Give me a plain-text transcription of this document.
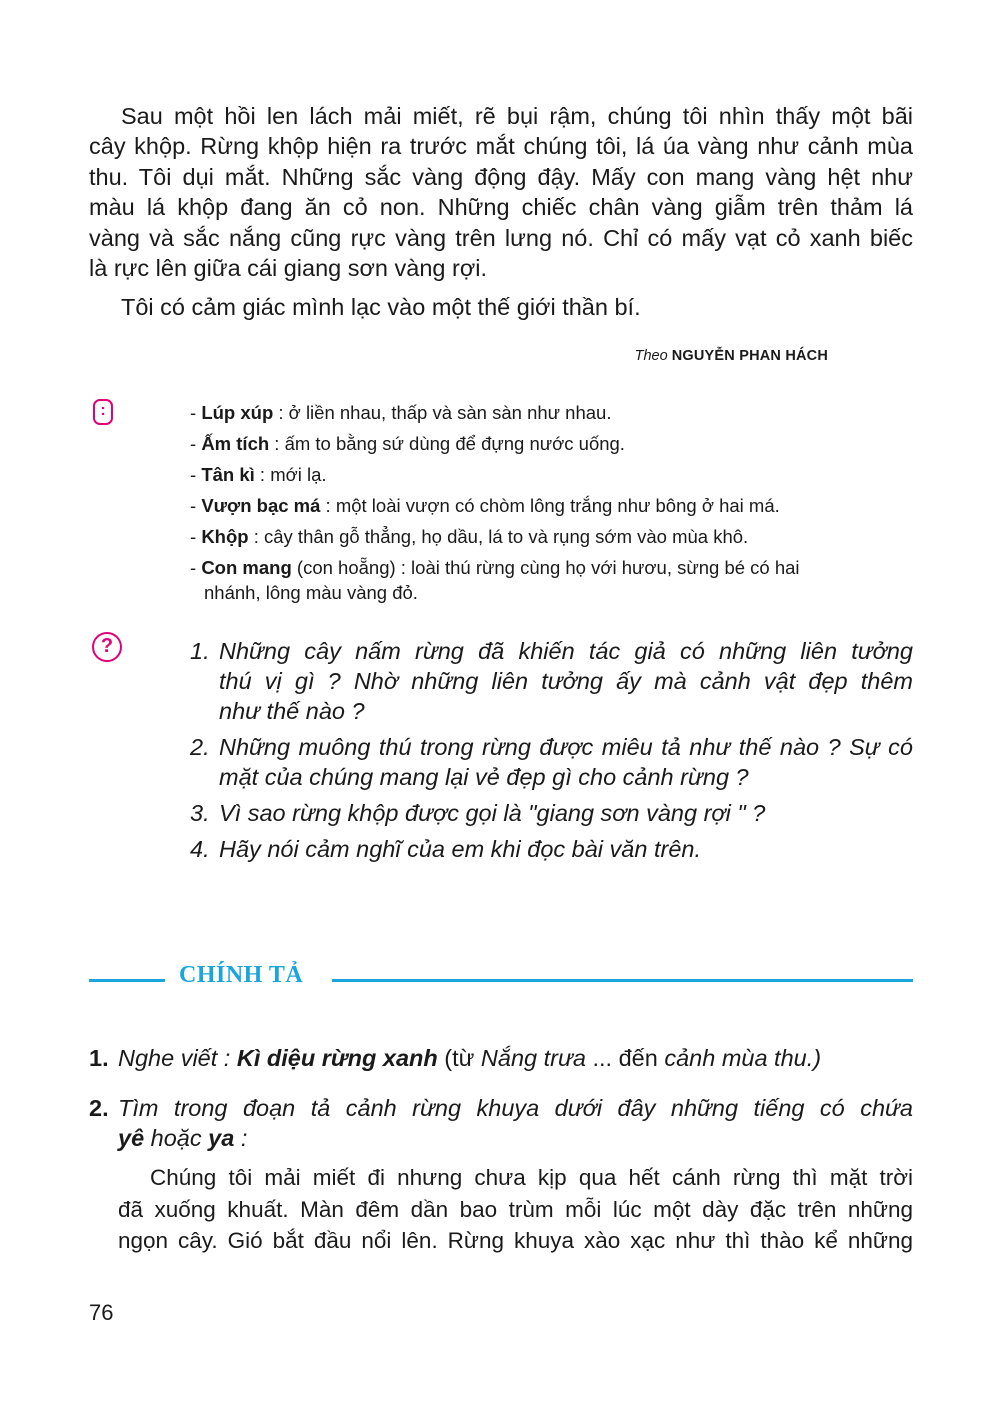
Sau một hồi len lách mải miết, rẽ bụi rậm, chúng tôi nhìn thấy một bãi
cây khộp. Rừng khộp hiện ra trước mắt chúng tôi, lá úa vàng như cảnh mùa
thu. Tôi dụi mắt. Những sắc vàng động đậy. Mấy con mang vàng hệt như
màu lá khộp đang ăn cỏ non. Những chiếc chân vàng giẫm trên thảm lá
vàng và sắc nắng cũng rực vàng trên lưng nó. Chỉ có mấy vạt cỏ xanh biếc
là rực lên giữa cái giang sơn vàng rợi.
Tôi có cảm giác mình lạc vào một thế giới thần bí.
Theo NGUYỄN PHAN HÁCH
:	- Lúp xúp : ở liền nhau, thấp và sàn sàn như nhau.
- Ấm tích : ấm to bằng sứ dùng để đựng nước uống.
- Tân kì : mới lạ.
- Vượn bạc má : một loài vượn có chòm lông trắng như bông ở hai má.
- Khộp : cây thân gỗ thẳng, họ dầu, lá to và rụng sớm vào mùa khô.
- Con mang (con hoẵng) : loài thú rừng cùng họ với hươu, sừng bé có hai
nhánh, lông màu vàng đỏ.
?	1. Những cây nấm rừng đã khiến tác giả có những liên tưởng
thú vị gì ? Nhờ những liên tưởng ấy mà cảnh vật đẹp thêm
như thế nào ?
2. Những muông thú trong rừng được miêu tả như thế nào ? Sự có
mặt của chúng mang lại vẻ đẹp gì cho cảnh rừng ?
3. Vì sao rừng khộp được gọi là "giang sơn vàng rợi " ?
4. Hãy nói cảm nghĩ của em khi đọc bài văn trên.
CHÍNH TẢ
1. Nghe viết : Kì diệu rừng xanh (từ Nắng trưa ... đến cảnh mùa thu.)
2. Tìm trong đoạn tả cảnh rừng khuya dưới đây những tiếng có chứa
yê hoặc ya :
Chúng tôi mải miết đi nhưng chưa kịp qua hết cánh rừng thì mặt trời
đã xuống khuất. Màn đêm dần bao trùm mỗi lúc một dày đặc trên những
ngọn cây. Gió bắt đầu nổi lên. Rừng khuya xào xạc như thì thào kể những
76
